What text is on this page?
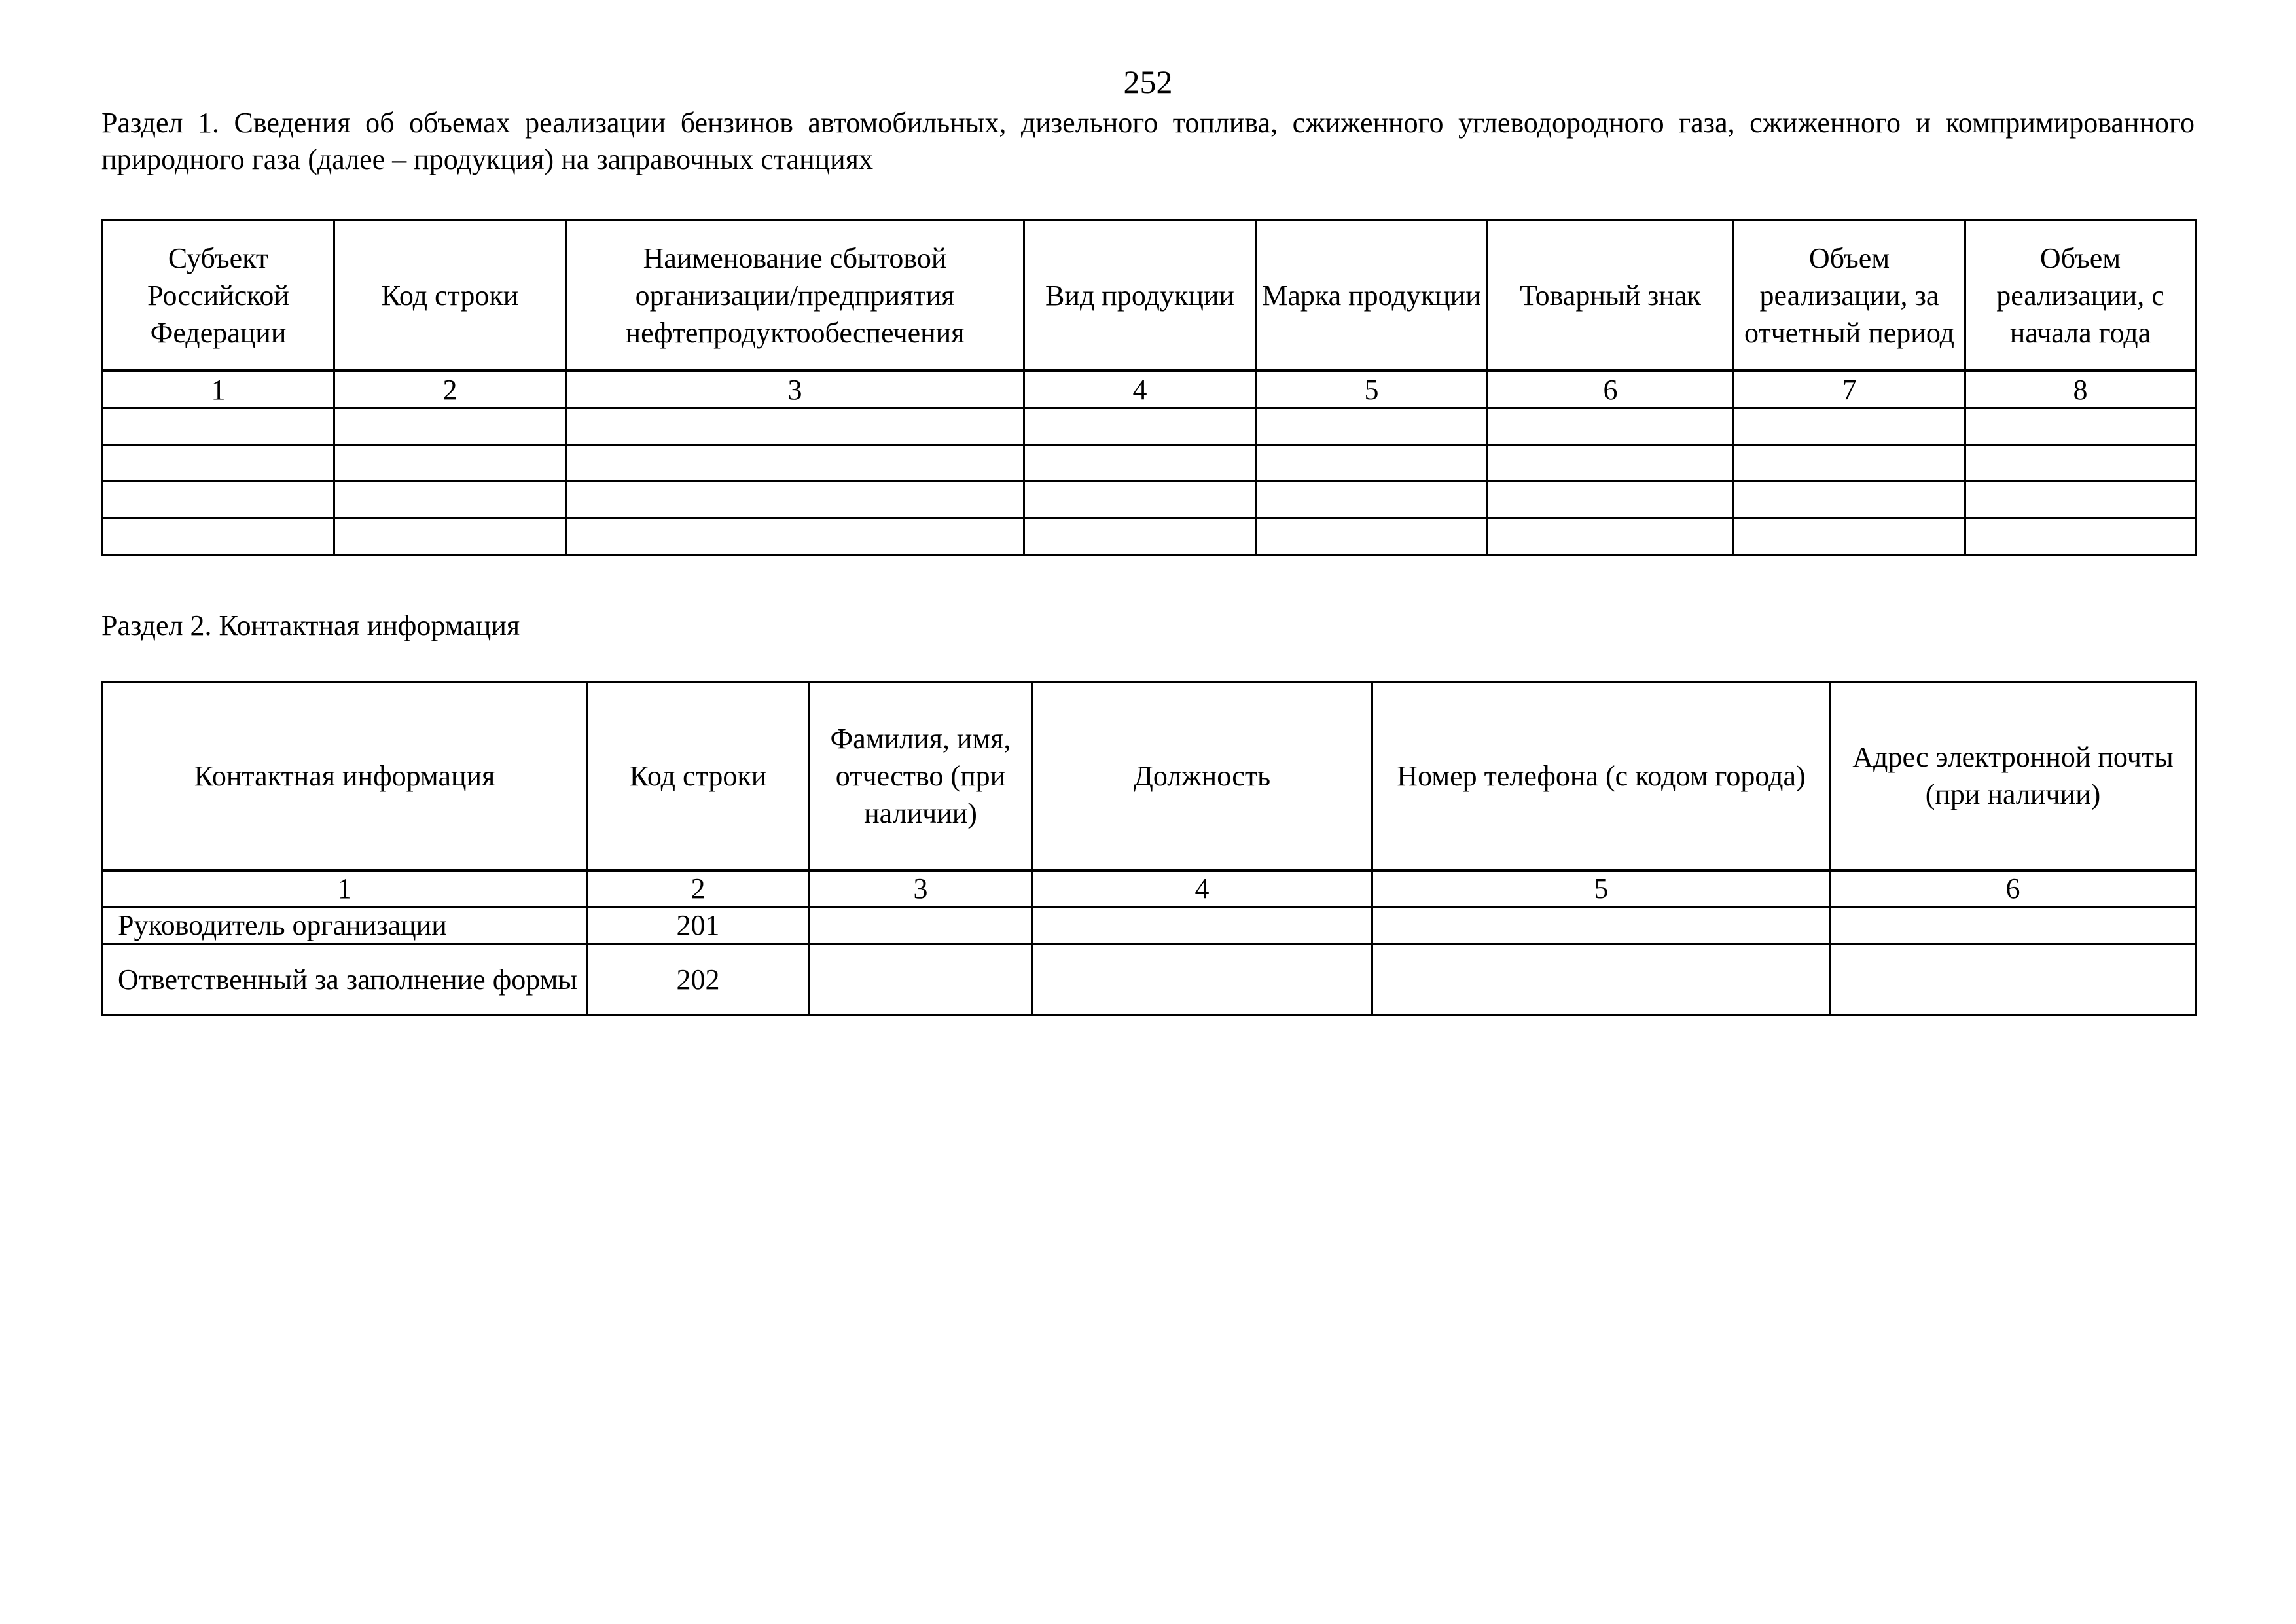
252
Раздел 1. Сведения об объемах реализации бензинов автомобильных, дизельного топлива, сжиженного углеводородного газа, сжиженного и компримированного природного газа (далее – продукция) на заправочных станциях
Субъект Российской Федерации	Код строки	Наименование сбытовой организации/предприятия нефтепродуктообеспечения	Вид продукции	Марка продукции	Товарный знак	Объем реализации, за отчетный период	Объем реализации, с начала года
1	2	3	4	5	6	7	8

Раздел 2. Контактная информация
Контактная информация	Код строки	Фамилия, имя, отчество (при наличии)	Должность	Номер телефона (с кодом города)	Адрес электронной почты (при наличии)
1	2	3	4	5	6
Руководитель организации	201				
Ответственный за заполнение формы	202				
